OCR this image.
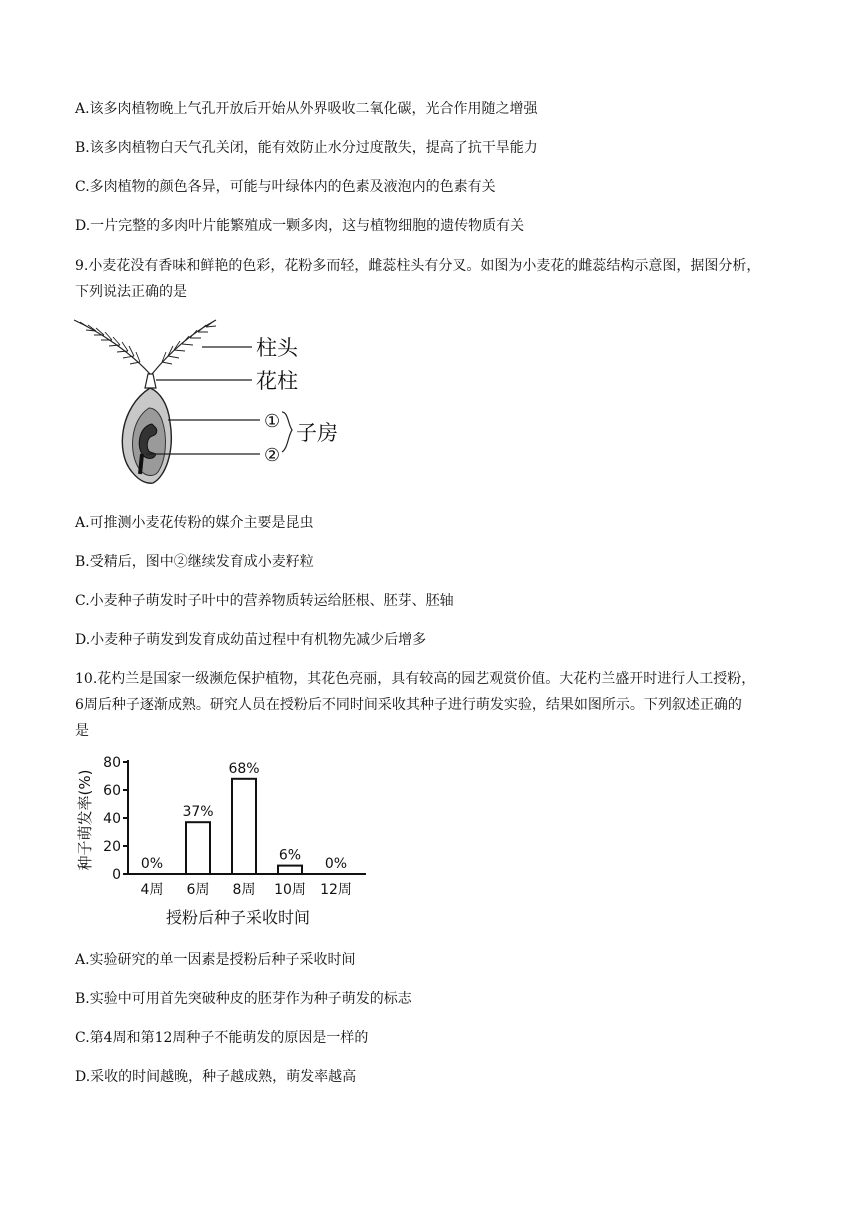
A.该多肉植物晚上气孔开放后开始从外界吸收二氧化碳，光合作用随之增强
B.该多肉植物白天气孔关闭，能有效防止水分过度散失，提高了抗干旱能力
C.多肉植物的颜色各异，可能与叶绿体内的色素及液泡内的色素有关
D.一片完整的多肉叶片能繁殖成一颗多肉，这与植物细胞的遗传物质有关
9.小麦花没有香味和鲜艳的色彩，花粉多而轻，雌蕊柱头有分叉。如图为小麦花的雌蕊结构示意图，据图分析，
下列说法正确的是
柱头
花柱
①
②
子房
A.可推测小麦花传粉的媒介主要是昆虫
B.受精后，图中②继续发育成小麦籽粒
C.小麦种子萌发时子叶中的营养物质转运给胚根、胚芽、胚轴
D.小麦种子萌发到发育成幼苗过程中有机物先减少后增多
10.花杓兰是国家一级濒危保护植物，其花色亮丽，具有较高的园艺观赏价值。大花杓兰盛开时进行人工授粉，
6周后种子逐渐成熟。研究人员在授粉后不同时间采收其种子进行萌发实验，结果如图所示。下列叙述正确的
是
0
20
40
60
80
0%
37%
68%
6%
0%
4周 6周 8周 10周 12周
种子萌发率(%)
授粉后种子采收时间
A.实验研究的单一因素是授粉后种子采收时间
B.实验中可用首先突破种皮的胚芽作为种子萌发的标志
C.第4周和第12周种子不能萌发的原因是一样的
D.采收的时间越晚，种子越成熟，萌发率越高
